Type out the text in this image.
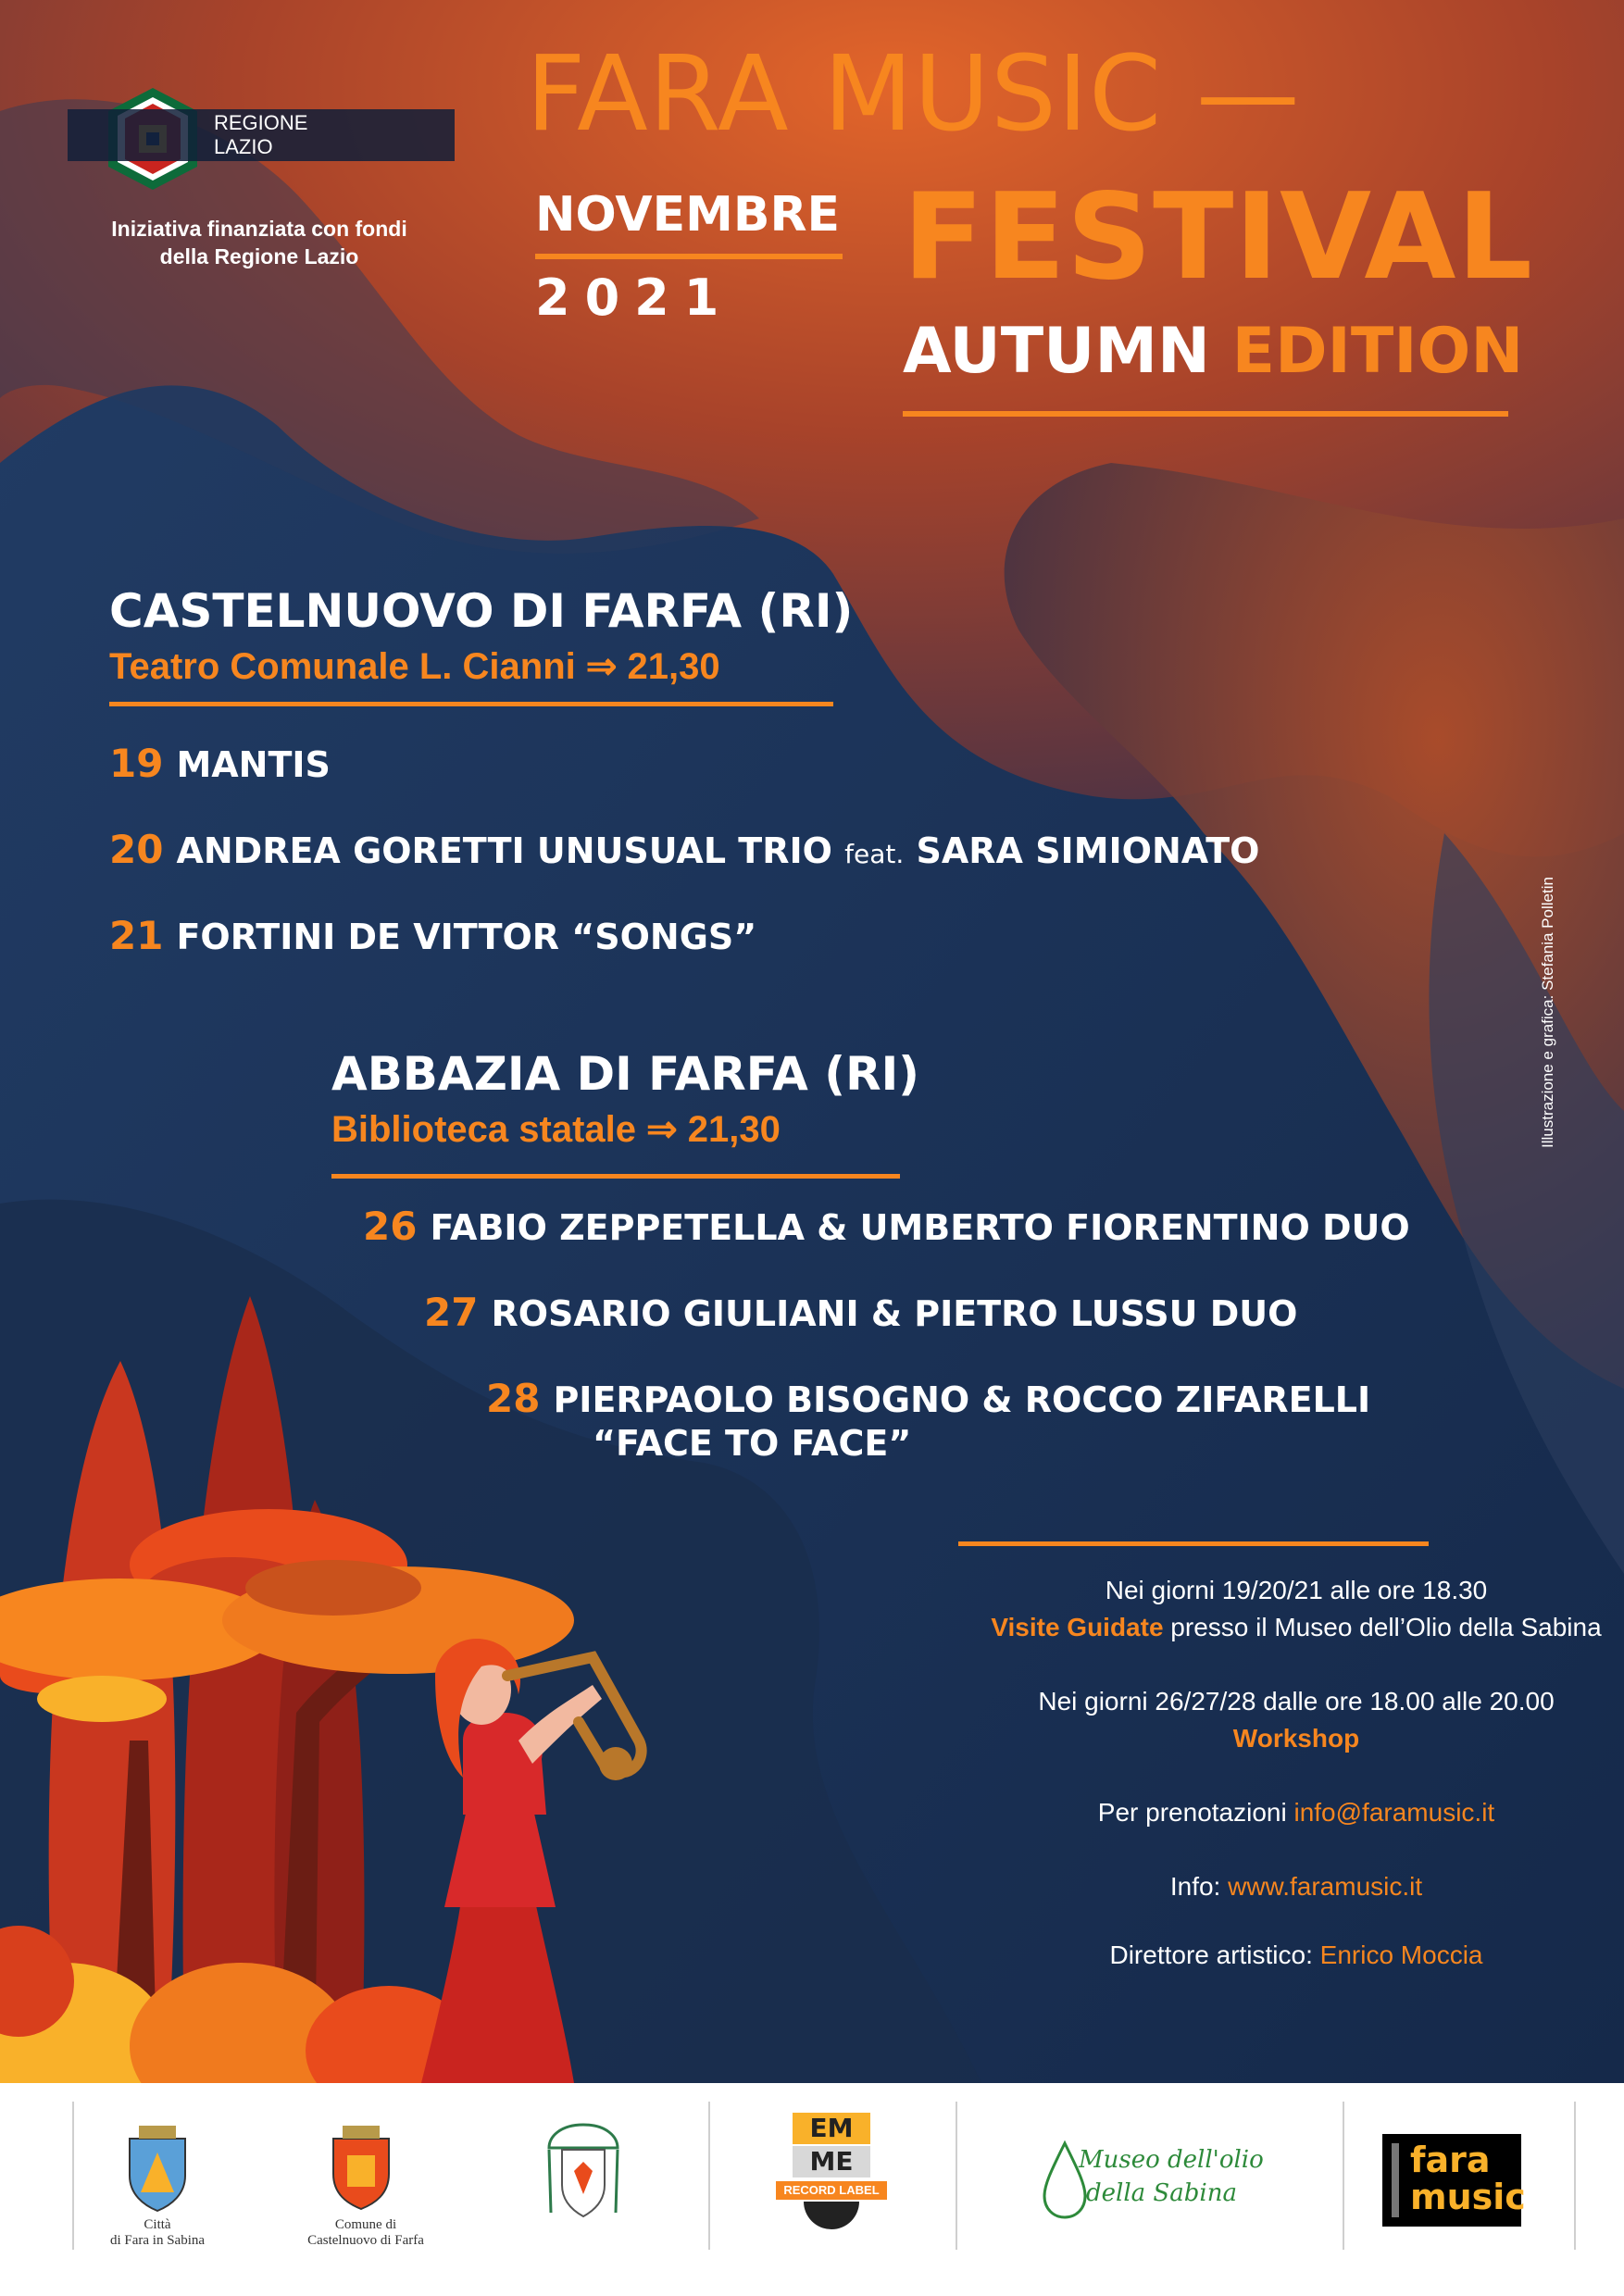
REGIONE
LAZIO
Iniziativa finanziata con fondi
della Regione Lazio
FARA MUSIC —
FESTIVAL
NOVEMBRE
2021
AUTUMN EDITION
CASTELNUOVO DI FARFA (RI)
Teatro Comunale L. Cianni ⇒ 21,30
19 MANTIS
20 ANDREA GORETTI UNUSUAL TRIO feat. SARA SIMIONATO
21 FORTINI DE VITTOR “SONGS”
ABBAZIA DI FARFA (RI)
Biblioteca statale ⇒ 21,30
26 FABIO ZEPPETELLA & UMBERTO FIORENTINO DUO
27 ROSARIO GIULIANI & PIETRO LUSSU DUO
28 PIERPAOLO BISOGNO & ROCCO ZIFARELLI
“FACE TO FACE”
Illustrazione e grafica: Stefania Polletin
Nei giorni 19/20/21 alle ore 18.30
Visite Guidate presso il Museo dell’Olio della Sabina
Nei giorni 26/27/28 dalle ore 18.00 alle 20.00
Workshop
Per prenotazioni info@faramusic.it
Info: www.faramusic.it
Direttore artistico: Enrico Moccia
Città
di Fara in Sabina
Comune di
Castelnuovo di Farfa
EM
ME
RECORD LABEL
Museo dell'olio
della Sabina
fara
music
